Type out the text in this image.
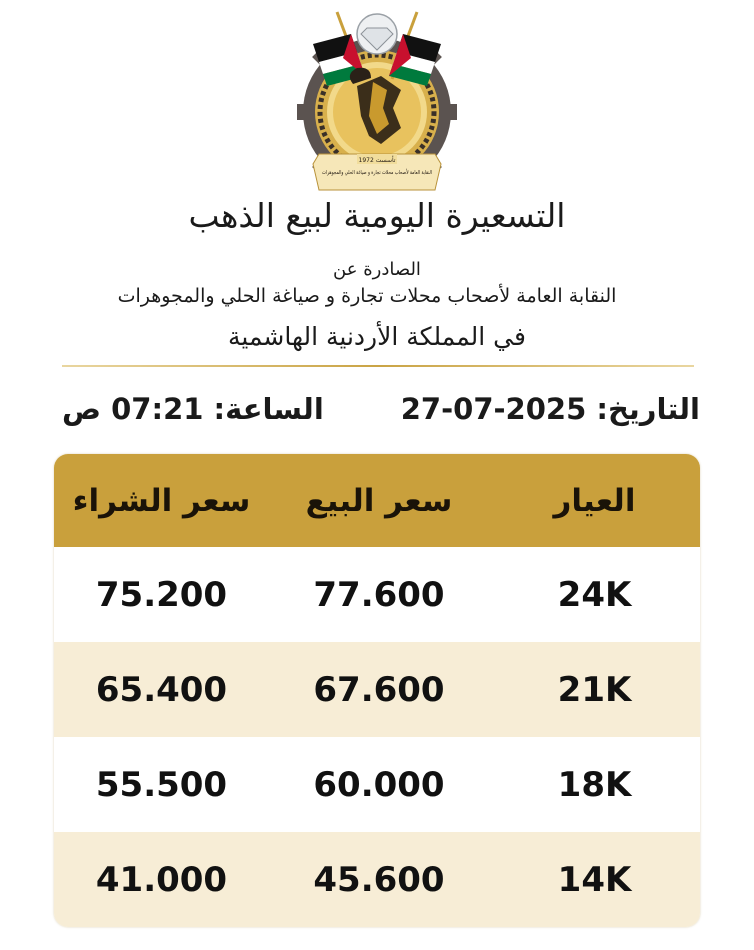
تأسست 1972
النقابة العامة لأصحاب محلات تجارة و صياغة الحلي والمجوهرات
التسعيرة اليومية لبيع الذهب
الصادرة عن
النقابة العامة لأصحاب محلات تجارة و صياغة الحلي والمجوهرات
في المملكة الأردنية الهاشمية
التاريخ: 27-07-2025
الساعة: 07:21 ص
سعر الشراء	سعر البيع	العيار
75.200	77.600	24K
65.400	67.600	21K
55.500	60.000	18K
41.000	45.600	14K
